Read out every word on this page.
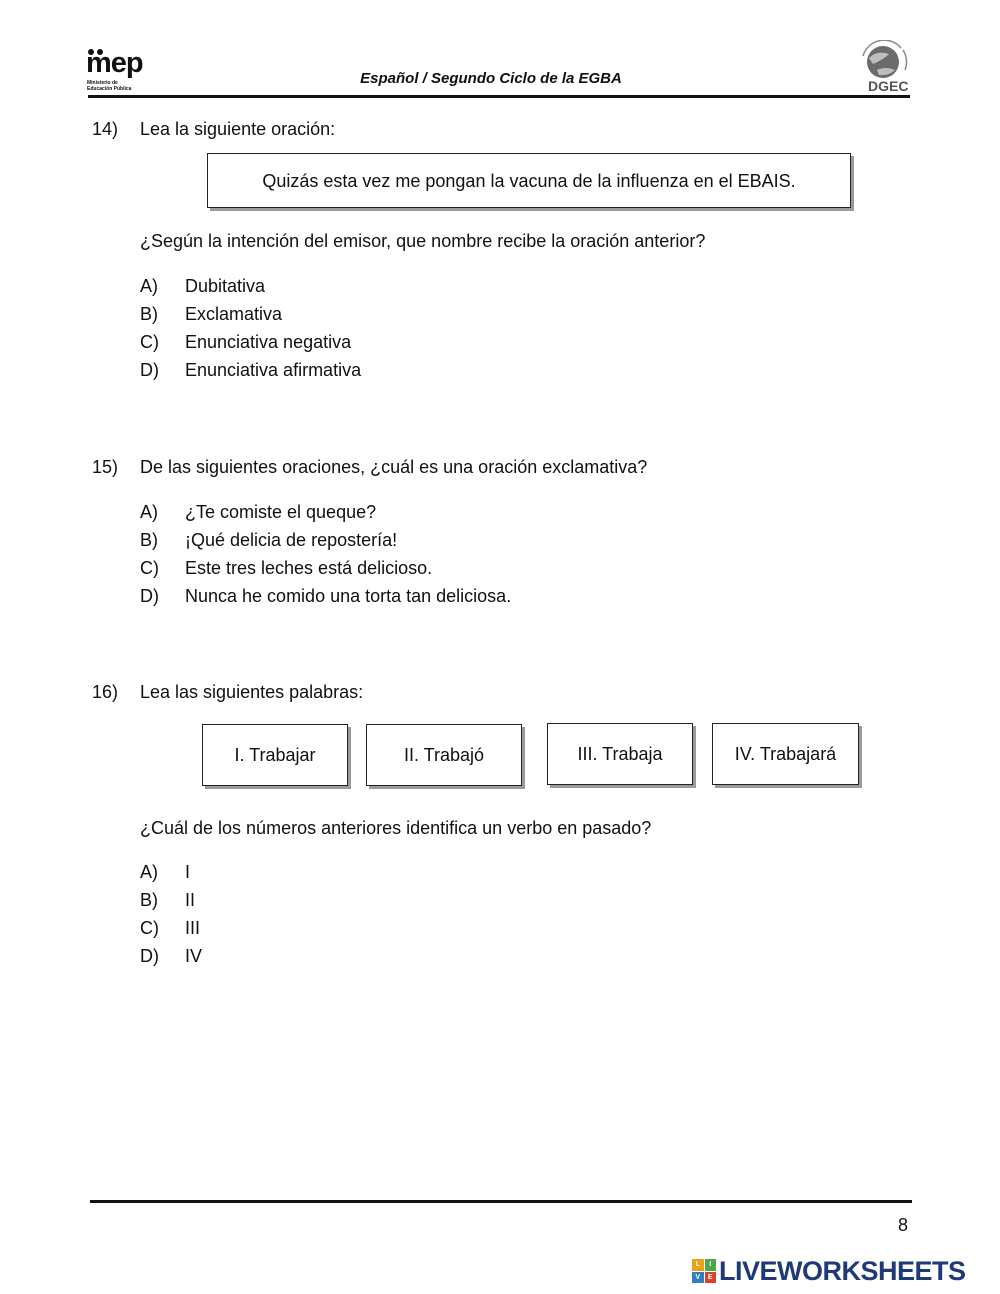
mep
Ministerio de
Educación Pública
Español / Segundo Ciclo de la EGBA	DGEC
14) Lea la siguiente oración:
Quizás esta vez me pongan la vacuna de la influenza en el EBAIS.
¿Según la intención del emisor, que nombre recibe la oración anterior?
A) Dubitativa
B) Exclamativa
C) Enunciativa negativa
D) Enunciativa afirmativa
15) De las siguientes oraciones, ¿cuál es una oración exclamativa?
A) ¿Te comiste el queque?
B) ¡Qué delicia de repostería!
C) Este tres leches está delicioso.
D) Nunca he comido una torta tan deliciosa.
16) Lea las siguientes palabras:
I. Trabajar	II. Trabajó	III. Trabaja	IV. Trabajará
¿Cuál de los números anteriores identifica un verbo en pasado?
A) I
B) II
C) III
D) IV
8
L	I
V	E LIVEWORKSHEETS
